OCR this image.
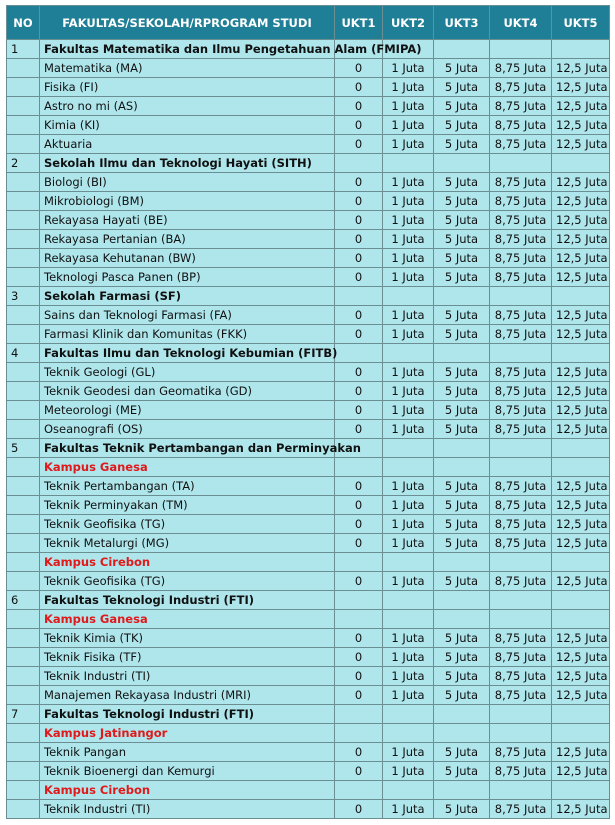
NO	FAKULTAS/SEKOLAH/RPROGRAM STUDI	UKT1	UKT2	UKT3	UKT4	UKT5
1	Fakultas Matematika dan Ilmu Pengetahuan Alam (FMIPA)					
	Matematika (MA)	0	1 Juta	5 Juta	8,75 Juta	12,5 Juta
	Fisika (FI)	0	1 Juta	5 Juta	8,75 Juta	12,5 Juta
	Astro no mi (AS)	0	1 Juta	5 Juta	8,75 Juta	12,5 Juta
	Kimia (KI)	0	1 Juta	5 Juta	8,75 Juta	12,5 Juta
	Aktuaria	0	1 Juta	5 Juta	8,75 Juta	12,5 Juta
2	Sekolah Ilmu dan Teknologi Hayati (SITH)					
	Biologi (BI)	0	1 Juta	5 Juta	8,75 Juta	12,5 Juta
	Mikrobiologi (BM)	0	1 Juta	5 Juta	8,75 Juta	12,5 Juta
	Rekayasa Hayati (BE)	0	1 Juta	5 Juta	8,75 Juta	12,5 Juta
	Rekayasa Pertanian (BA)	0	1 Juta	5 Juta	8,75 Juta	12,5 Juta
	Rekayasa Kehutanan (BW)	0	1 Juta	5 Juta	8,75 Juta	12,5 Juta
	Teknologi Pasca Panen (BP)	0	1 Juta	5 Juta	8,75 Juta	12,5 Juta
3	Sekolah Farmasi (SF)					
	Sains dan Teknologi Farmasi (FA)	0	1 Juta	5 Juta	8,75 Juta	12,5 Juta
	Farmasi Klinik dan Komunitas (FKK)	0	1 Juta	5 Juta	8,75 Juta	12,5 Juta
4	Fakultas Ilmu dan Teknologi Kebumian (FITB)					
	Teknik Geologi (GL)	0	1 Juta	5 Juta	8,75 Juta	12,5 Juta
	Teknik Geodesi dan Geomatika (GD)	0	1 Juta	5 Juta	8,75 Juta	12,5 Juta
	Meteorologi (ME)	0	1 Juta	5 Juta	8,75 Juta	12,5 Juta
	Oseanografi (OS)	0	1 Juta	5 Juta	8,75 Juta	12,5 Juta
5	Fakultas Teknik Pertambangan dan Perminyakan					
	Kampus Ganesa					
	Teknik Pertambangan (TA)	0	1 Juta	5 Juta	8,75 Juta	12,5 Juta
	Teknik Perminyakan (TM)	0	1 Juta	5 Juta	8,75 Juta	12,5 Juta
	Teknik Geofisika (TG)	0	1 Juta	5 Juta	8,75 Juta	12,5 Juta
	Teknik Metalurgi (MG)	0	1 Juta	5 Juta	8,75 Juta	12,5 Juta
	Kampus Cirebon					
	Teknik Geofisika (TG)	0	1 Juta	5 Juta	8,75 Juta	12,5 Juta
6	Fakultas Teknologi Industri (FTI)					
	Kampus Ganesa					
	Teknik Kimia (TK)	0	1 Juta	5 Juta	8,75 Juta	12,5 Juta
	Teknik Fisika (TF)	0	1 Juta	5 Juta	8,75 Juta	12,5 Juta
	Teknik Industri (TI)	0	1 Juta	5 Juta	8,75 Juta	12,5 Juta
	Manajemen Rekayasa Industri (MRI)	0	1 Juta	5 Juta	8,75 Juta	12,5 Juta
7	Fakultas Teknologi Industri (FTI)					
	Kampus Jatinangor					
	Teknik Pangan	0	1 Juta	5 Juta	8,75 Juta	12,5 Juta
	Teknik Bioenergi dan Kemurgi	0	1 Juta	5 Juta	8,75 Juta	12,5 Juta
	Kampus Cirebon					
	Teknik Industri (TI)	0	1 Juta	5 Juta	8,75 Juta	12,5 Juta
